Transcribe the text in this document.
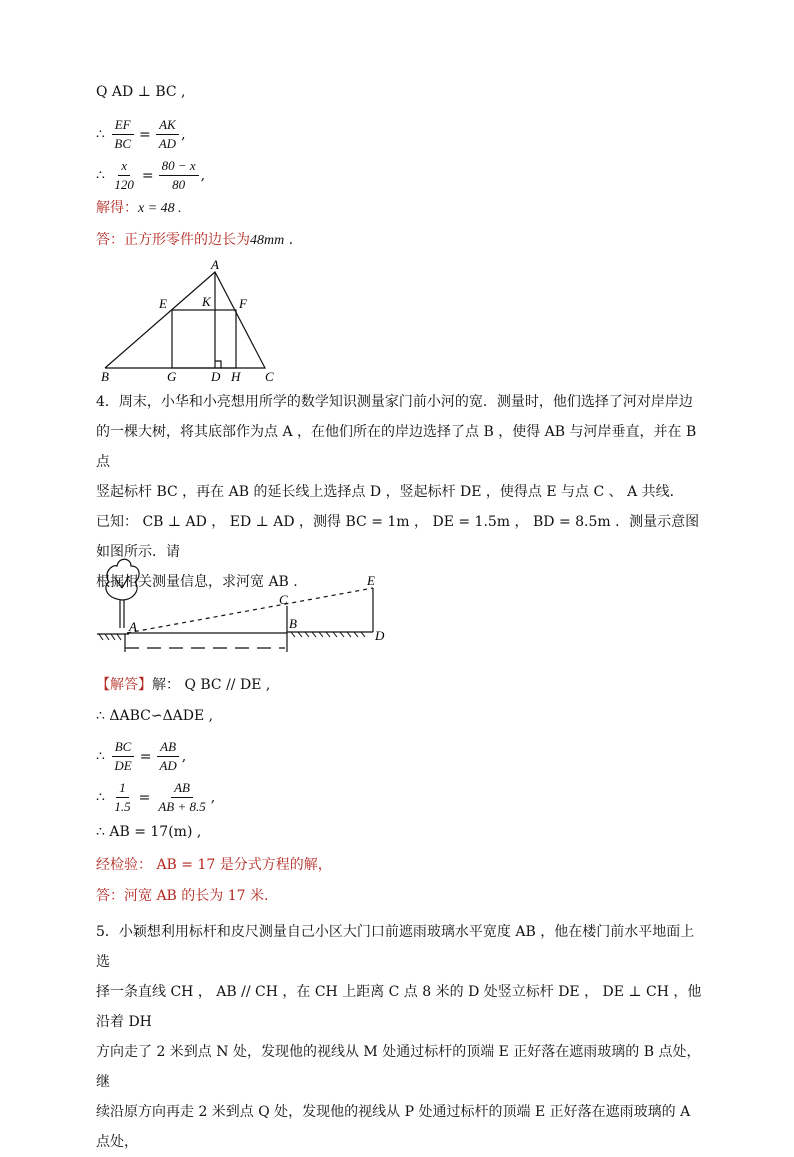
Q AD ⊥ BC ,
∴ $\frac{EF}{BC} = \frac{AK}{AD}$ ,
∴ $\frac{x}{120} = \frac{80 - x}{80}$ ,
解得：x = 48 .
答：正方形零件的边长为48mm .
A
E	K F
B	G	D H C
4．周末，小华和小亮想用所学的数学知识测量家门前小河的宽．测量时，他们选择了河对岸岸边
的一棵大树，将其底部作为点 A ，在他们所在的岸边选择了点 B ，使得 AB 与河岸垂直，并在 B 点
竖起标杆 BC ，再在 AB 的延长线上选择点 D ，竖起标杆 DE ，使得点 E 与点 C 、 A 共线．
已知： CB ⊥ AD ， ED ⊥ AD ，测得 BC = 1m ， DE = 1.5m ， BD = 8.5m ．测量示意图如图所示．请
根据相关测量信息，求河宽 AB .
A	B
C
D
E
【解答】解： Q BC // DE ,
∴ ΔABC∽ΔADE ,
∴ $\frac{BC}{DE} = \frac{AB}{AD}$ ,
∴ $\frac{1}{1.5} = \frac{AB}{AB + 8.5}$ ,
∴ AB = 17(m) ,
经检验： AB = 17 是分式方程的解，
答：河宽 AB 的长为 17 米.
5．小颖想利用标杆和皮尺测量自己小区大门口前遮雨玻璃水平宽度 AB ，他在楼门前水平地面上选
择一条直线 CH ， AB // CH ，在 CH 上距离 C 点 8 米的 D 处竖立标杆 DE ， DE ⊥ CH ，他沿着 DH
方向走了 2 米到点 N 处，发现他的视线从 M 处通过标杆的顶端 E 正好落在遮雨玻璃的 B 点处，继
续沿原方向再走 2 米到点 Q 处，发现他的视线从 P 处通过标杆的顶端 E 正好落在遮雨玻璃的 A 点处，
